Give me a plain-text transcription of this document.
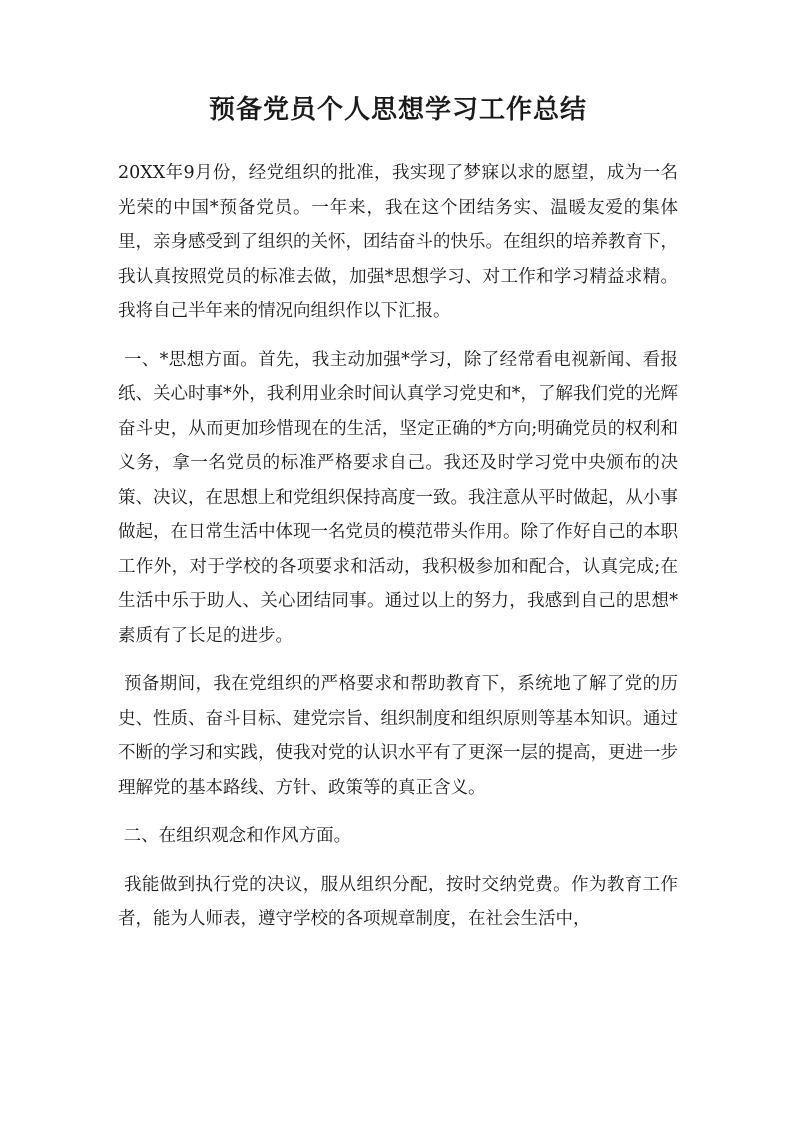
预备党员个人思想学习工作总结

20XX年9月份，经党组织的批准，我实现了梦寐以求的愿望，成为一名光荣的中国*预备党员。一年来，我在这个团结务实、温暖友爱的集体里，亲身感受到了组织的关怀，团结奋斗的快乐。在组织的培养教育下，我认真按照党员的标准去做，加强*思想学习、对工作和学习精益求精。我将自己半年来的情况向组织作以下汇报。

一、*思想方面。首先，我主动加强*学习，除了经常看电视新闻、看报纸、关心时事*外，我利用业余时间认真学习党史和*，了解我们党的光辉奋斗史，从而更加珍惜现在的生活，坚定正确的*方向;明确党员的权利和义务，拿一名党员的标准严格要求自己。我还及时学习党中央颁布的决策、决议，在思想上和党组织保持高度一致。我注意从平时做起，从小事做起，在日常生活中体现一名党员的模范带头作用。除了作好自己的本职工作外，对于学校的各项要求和活动，我积极参加和配合，认真完成;在生活中乐于助人、关心团结同事。通过以上的努力，我感到自己的思想*素质有了长足的进步。

预备期间，我在党组织的严格要求和帮助教育下，系统地了解了党的历史、性质、奋斗目标、建党宗旨、组织制度和组织原则等基本知识。通过不断的学习和实践，使我对党的认识水平有了更深一层的提高，更进一步理解党的基本路线、方针、政策等的真正含义。

二、在组织观念和作风方面。

我能做到执行党的决议，服从组织分配，按时交纳党费。作为教育工作者，能为人师表，遵守学校的各项规章制度，在社会生活中，
